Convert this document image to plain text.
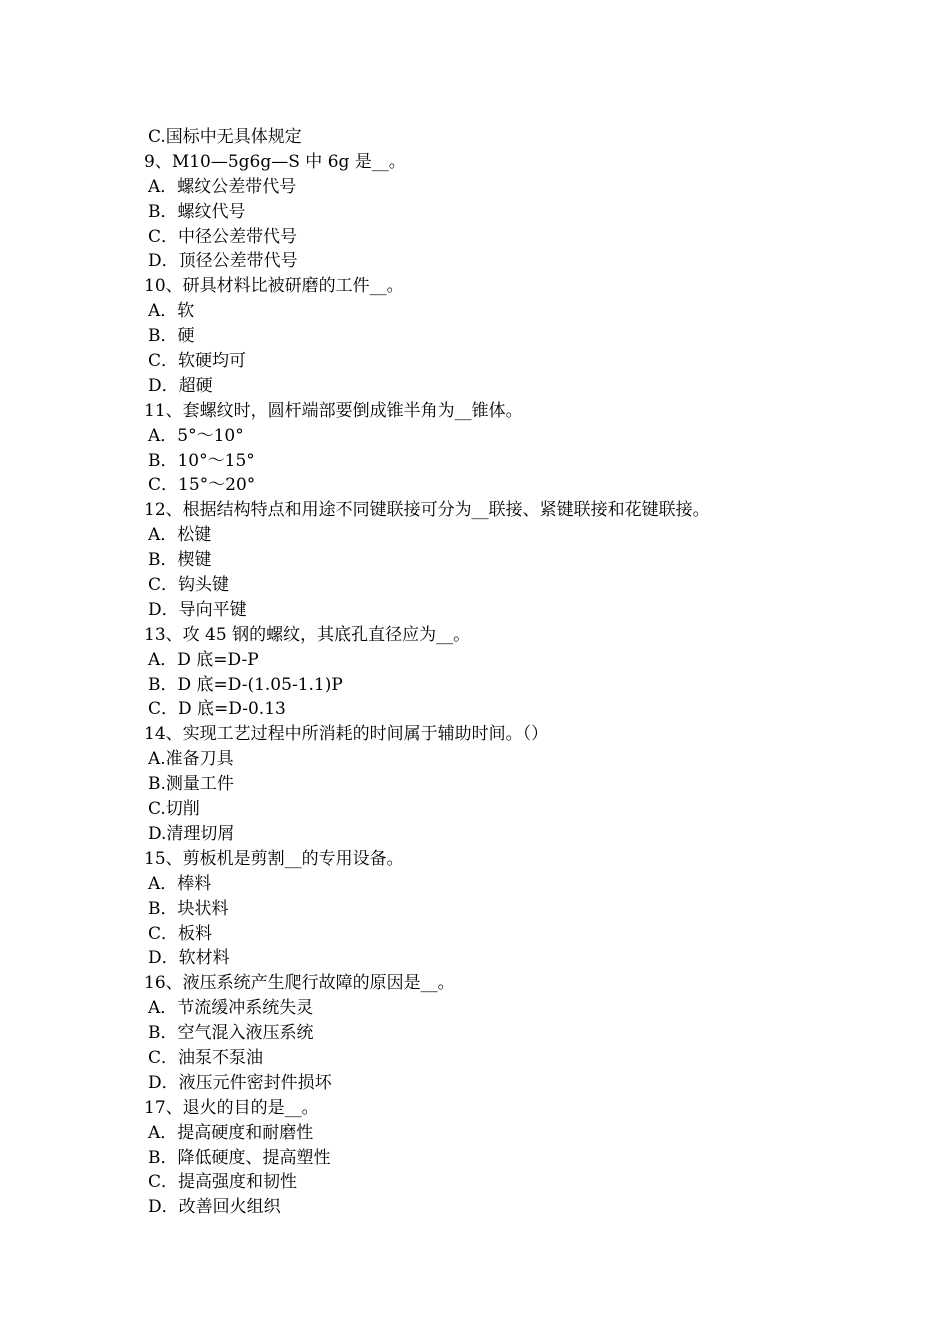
C.国标中无具体规定
9、M10—5g6g—S 中 6g 是__。
A．螺纹公差带代号
B．螺纹代号
C．中径公差带代号
D．顶径公差带代号
10、研具材料比被研磨的工件__。
A．软
B．硬
C．软硬均可
D．超硬
11、套螺纹时，圆杆端部要倒成锥半角为__锥体。
A．5°～10°
B．10°～15°
C．15°～20°
12、根据结构特点和用途不同键联接可分为__联接、紧键联接和花键联接。
A．松键
B．楔键
C．钩头键
D．导向平键
13、攻 45 钢的螺纹，其底孔直径应为__。
A．D 底=D-P
B．D 底=D-(1.05-1.1)P
C．D 底=D-0.13
14、实现工艺过程中所消耗的时间属于辅助时间。（）
A.准备刀具
B.测量工件
C.切削
D.清理切屑
15、剪板机是剪割__的专用设备。
A．棒料
B．块状料
C．板料
D．软材料
16、液压系统产生爬行故障的原因是__。
A．节流缓冲系统失灵
B．空气混入液压系统
C．油泵不泵油
D．液压元件密封件损坏
17、退火的目的是__。
A．提高硬度和耐磨性
B．降低硬度、提高塑性
C．提高强度和韧性
D．改善回火组织
